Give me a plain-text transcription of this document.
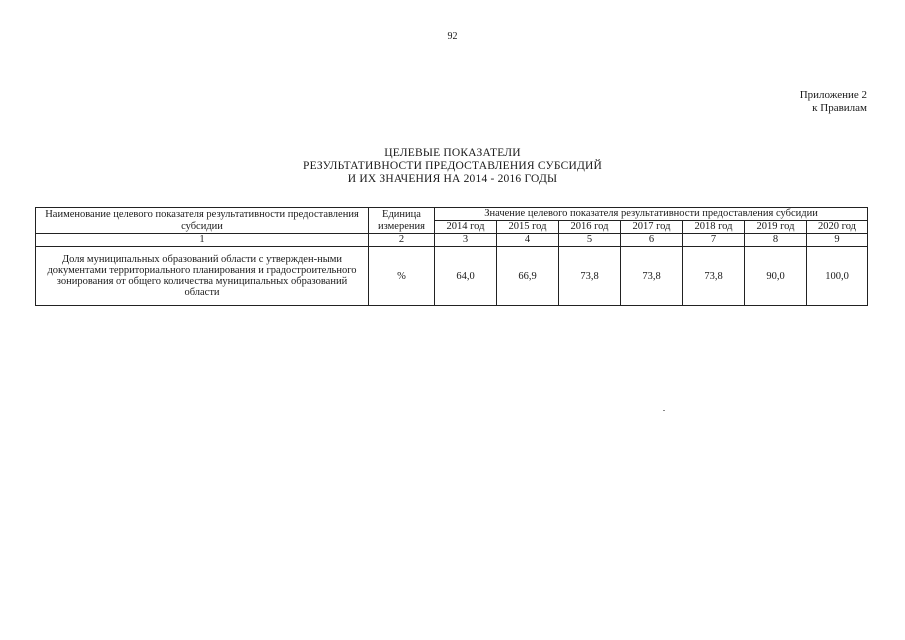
92
Приложение 2
к Правилам
ЦЕЛЕВЫЕ ПОКАЗАТЕЛИ
РЕЗУЛЬТАТИВНОСТИ ПРЕДОСТАВЛЕНИЯ СУБСИДИЙ
И ИХ ЗНАЧЕНИЯ НА 2014 - 2016 ГОДЫ
Наименование целевого показателя результативности предоставления субсидии	Единица измерения	Значение целевого показателя результативности предоставления субсидии						
		2014 год	2015 год	2016 год	2017 год	2018 год	2019 год	2020 год
1	2	3	4	5	6	7	8	9
Доля муниципальных образований области с утвержден-ными документами территориального планирования и градостроительного зонирования от общего количества муниципальных образований области	%	64,0	66,9	73,8	73,8	73,8	90,0	100,0
